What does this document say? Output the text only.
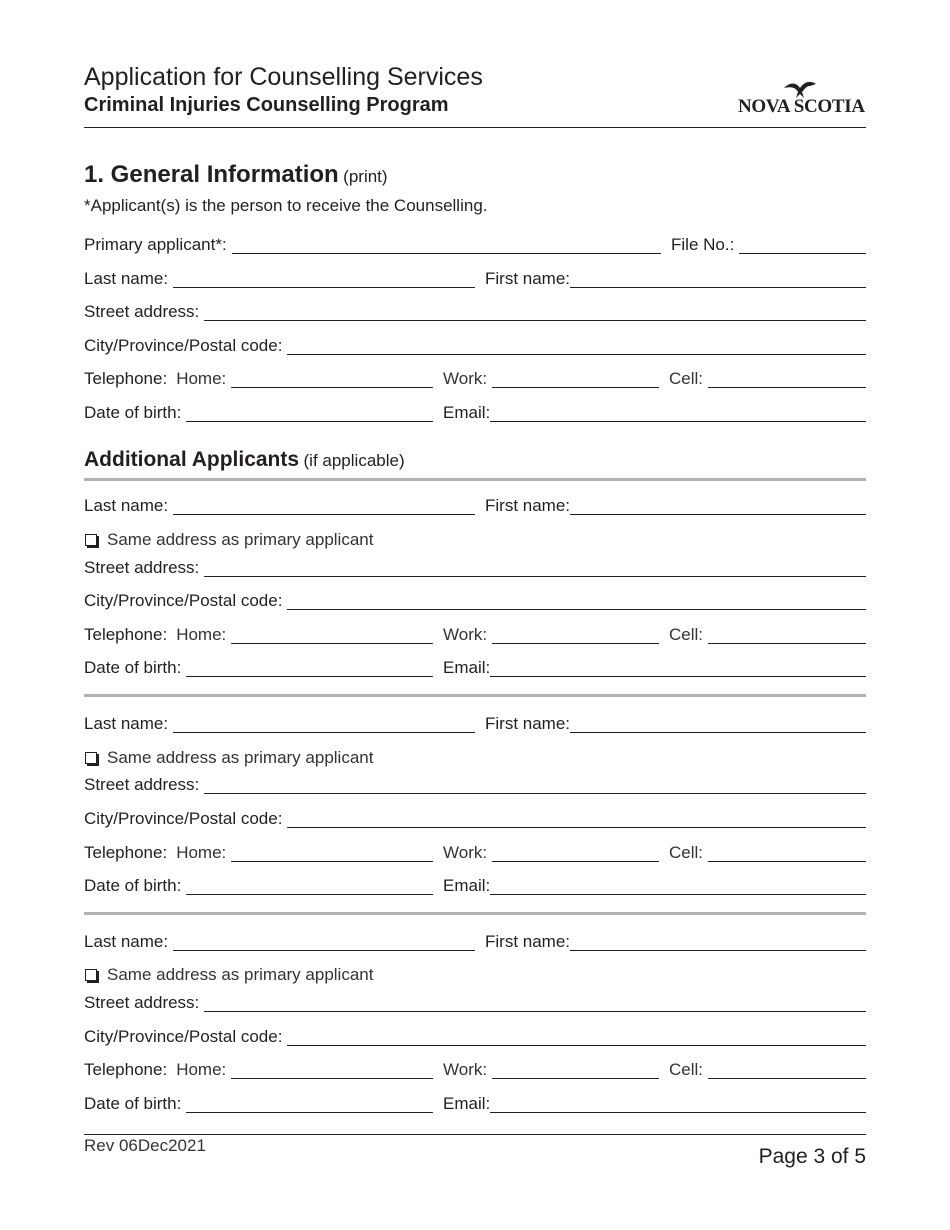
Application for Counselling Services
Criminal Injuries Counselling Program	NOVA SCOTIA
1. General Information (print)
*Applicant(s) is the person to receive the Counselling.
Primary applicant*:	File No.:
Last name:	First name:
Street address:
City/Province/Postal code:
Telephone: Home:	Work:	Cell:
Date of birth:	Email:
Additional Applicants (if applicable)
Last name:	First name:
Same address as primary applicant
Street address:
City/Province/Postal code:
Telephone: Home:	Work:	Cell:
Date of birth:	Email:
Last name:	First name:
Same address as primary applicant
Street address:
City/Province/Postal code:
Telephone: Home:	Work:	Cell:
Date of birth:	Email:
Last name:	First name:
Same address as primary applicant
Street address:
City/Province/Postal code:
Telephone: Home:	Work:	Cell:
Date of birth:	Email:
Rev 06Dec2021	Page 3 of 5
